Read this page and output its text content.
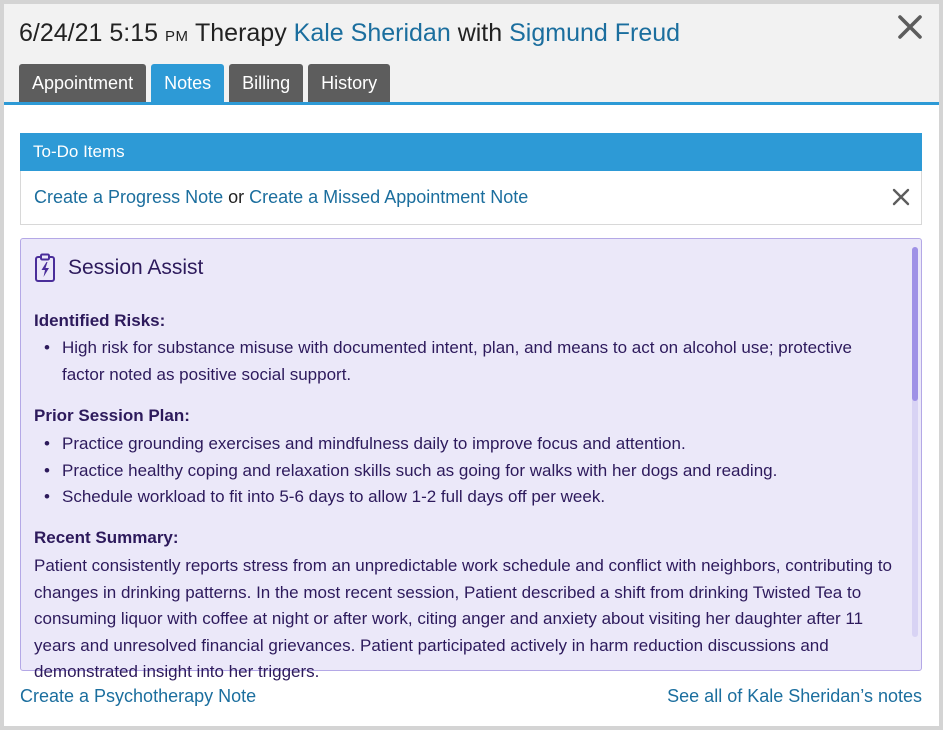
6/24/21 5:15 PM Therapy Kale Sheridan with Sigmund Freud
Appointment	Notes	Billing	History
To-Do Items
Create a Progress Note or Create a Missed Appointment Note
Session Assist
Identified Risks:
• High risk for substance misuse with documented intent, plan, and means to act on alcohol use; protective factor noted as positive social support.
Prior Session Plan:
• Practice grounding exercises and mindfulness daily to improve focus and attention.
• Practice healthy coping and relaxation skills such as going for walks with her dogs and reading.
• Schedule workload to fit into 5-6 days to allow 1-2 full days off per week.
Recent Summary:
Patient consistently reports stress from an unpredictable work schedule and conflict with neighbors, contributing to changes in drinking patterns. In the most recent session, Patient described a shift from drinking Twisted Tea to consuming liquor with coffee at night or after work, citing anger and anxiety about visiting her daughter after 11 years and unresolved financial grievances. Patient participated actively in harm reduction discussions and demonstrated insight into her triggers.
Create a Psychotherapy Note	See all of Kale Sheridan’s notes
